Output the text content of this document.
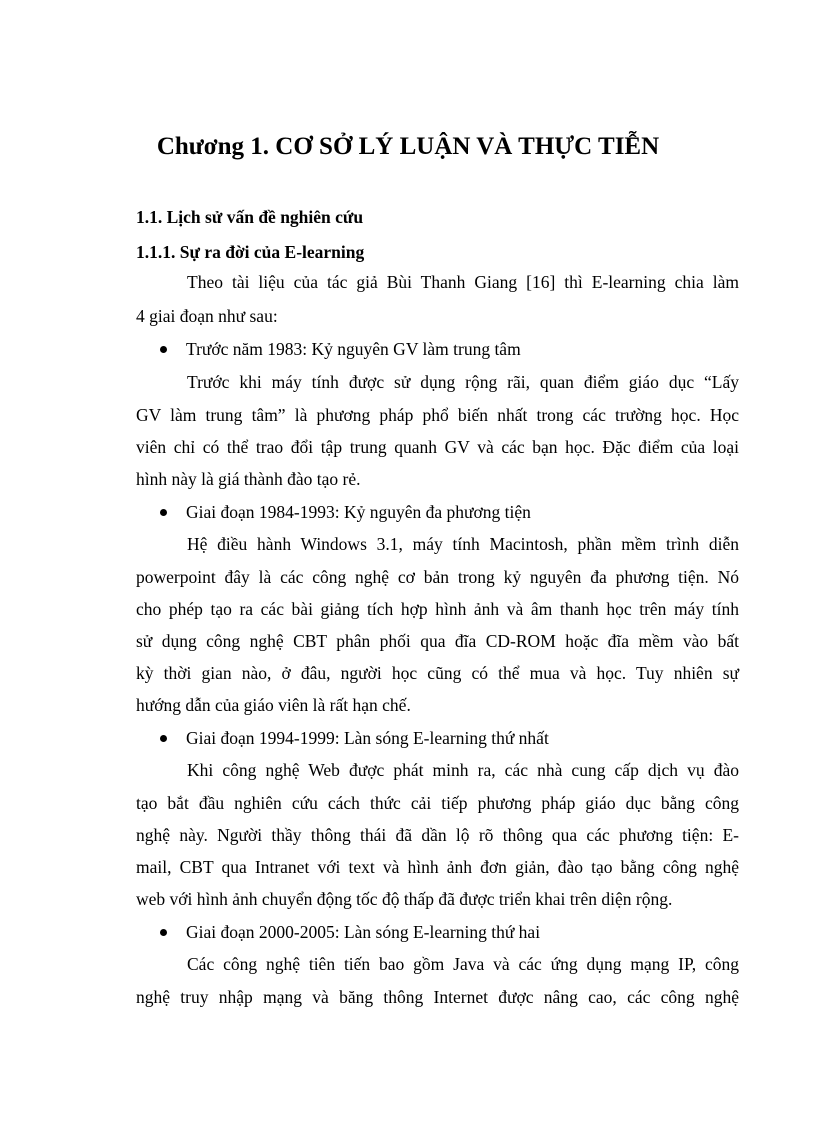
Chương 1. CƠ SỞ LÝ LUẬN VÀ THỰC TIỄN
1.1. Lịch sử vấn đề nghiên cứu
1.1.1. Sự ra đời của E-learning
Theo tài liệu của tác giả Bùi Thanh Giang [16] thì E-learning chia làm
4 giai đoạn như sau:
Trước năm 1983: Kỷ nguyên GV làm trung tâm
Trước khi máy tính được sử dụng rộng rãi, quan điểm giáo dục “Lấy
GV làm trung tâm” là phương pháp phổ biến nhất trong các trường học. Học
viên chỉ có thể trao đổi tập trung quanh GV và các bạn học. Đặc điểm của loại
hình này là giá thành đào tạo rẻ.
Giai đoạn 1984-1993: Kỷ nguyên đa phương tiện
Hệ điều hành Windows 3.1, máy tính Macintosh, phần mềm trình diễn
powerpoint đây là các công nghệ cơ bản trong kỷ nguyên đa phương tiện. Nó
cho phép tạo ra các bài giảng tích hợp hình ảnh và âm thanh học trên máy tính
sử dụng công nghệ CBT phân phối qua đĩa CD-ROM hoặc đĩa mềm vào bất
kỳ thời gian nào, ở đâu, người học cũng có thể mua và học. Tuy nhiên sự
hướng dẫn của giáo viên là rất hạn chế.
Giai đoạn 1994-1999: Làn sóng E-learning thứ nhất
Khi công nghệ Web được phát minh ra, các nhà cung cấp dịch vụ đào
tạo bắt đầu nghiên cứu cách thức cải tiếp phương pháp giáo dục bằng công
nghệ này. Người thầy thông thái đã dần lộ rõ thông qua các phương tiện: E-
mail, CBT qua Intranet với text và hình ảnh đơn giản, đào tạo bằng công nghệ
web với hình ảnh chuyển động tốc độ thấp đã được triển khai trên diện rộng.
Giai đoạn 2000-2005: Làn sóng E-learning thứ hai
Các công nghệ tiên tiến bao gồm Java và các ứng dụng mạng IP, công
nghệ truy nhập mạng và băng thông Internet được nâng cao, các công nghệ
